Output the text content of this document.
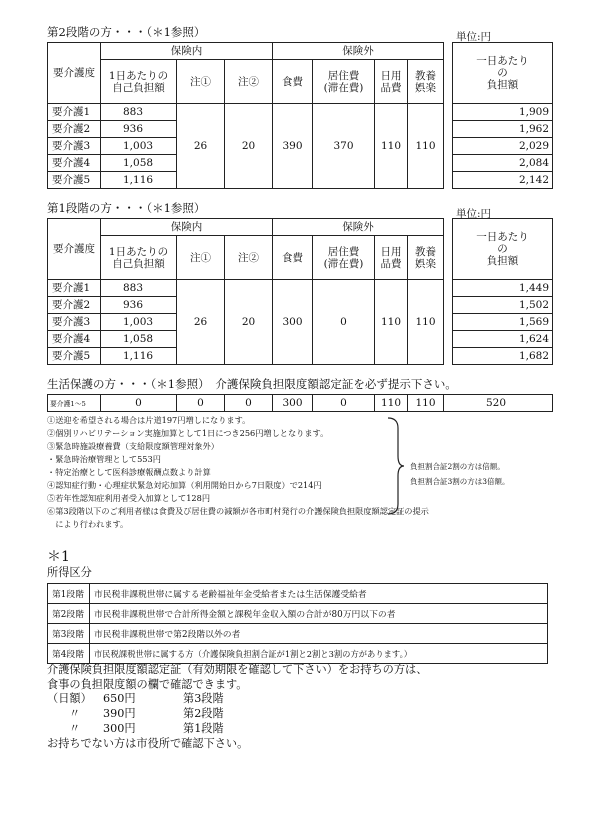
第2段階の方・・・（＊1参照）	単位:円
要介護度	保険内			保険外					一日あたり
の
負担額
	1日あたりの
自己負担額	注①	注②	食費	居住費
(滞在費)	日用
品費	教養
娯楽		
要介護1	883	26	20	390	370	110	110		1,909
要介護2	936								1,962
要介護3	1,003								2,029
要介護4	1,058								2,084
要介護5	1,116								2,142
第1段階の方・・・（＊1参照）	単位:円
要介護度	保険内			保険外					一日あたり
の
負担額
	1日あたりの
自己負担額	注①	注②	食費	居住費
(滞在費)	日用
品費	教養
娯楽		
要介護1	883	26	20	300	0	110	110		1,449
要介護2	936								1,502
要介護3	1,003								1,569
要介護4	1,058								1,624
要介護5	1,116								1,682
生活保護の方・・・（＊1参照）　介護保険負担限度額認定証を必ず提示下さい。
要介護1～5	0	0	0	300	0	110	110	520
①送迎を希望される場合は片道197円増しになります。
②個別リハビリテーション実施加算として1日につき256円増しとなります。
③緊急時施設療養費（支給限度額管理対象外）
・緊急時治療管理として553円
・特定治療として医科診療報酬点数より計算
④認知症行動・心理症状緊急対応加算（利用開始日から7日限度）で214円
⑤若年性認知症利用者受入加算として128円
⑥第3段階以下のご利用者様は食費及び居住費の減額が各市町村発行の介護保険負担限度額認定証の提示
　により行われます。
負担割合証2割の方は倍額。
負担割合証3割の方は3倍額。
＊1
所得区分
第1段階	市民税非課税世帯に属する老齢福祉年金受給者または生活保護受給者
第2段階	市民税非課税世帯で合計所得金額と課税年金収入額の合計が80万円以下の者
第3段階	市民税非課税世帯で第2段階以外の者
第4段階	市民税課税世帯に属する方（介護保険負担割合証が1割と2割と3割の方があります。）
介護保険負担限度額認定証（有効期限を確認して下さい）をお持ちの方は、
食事の負担限度額の欄で確認できます。
（日額） 650円	第3段階
〃 390円	第2段階
〃 300円	第1段階
お持ちでない方は市役所で確認下さい。
